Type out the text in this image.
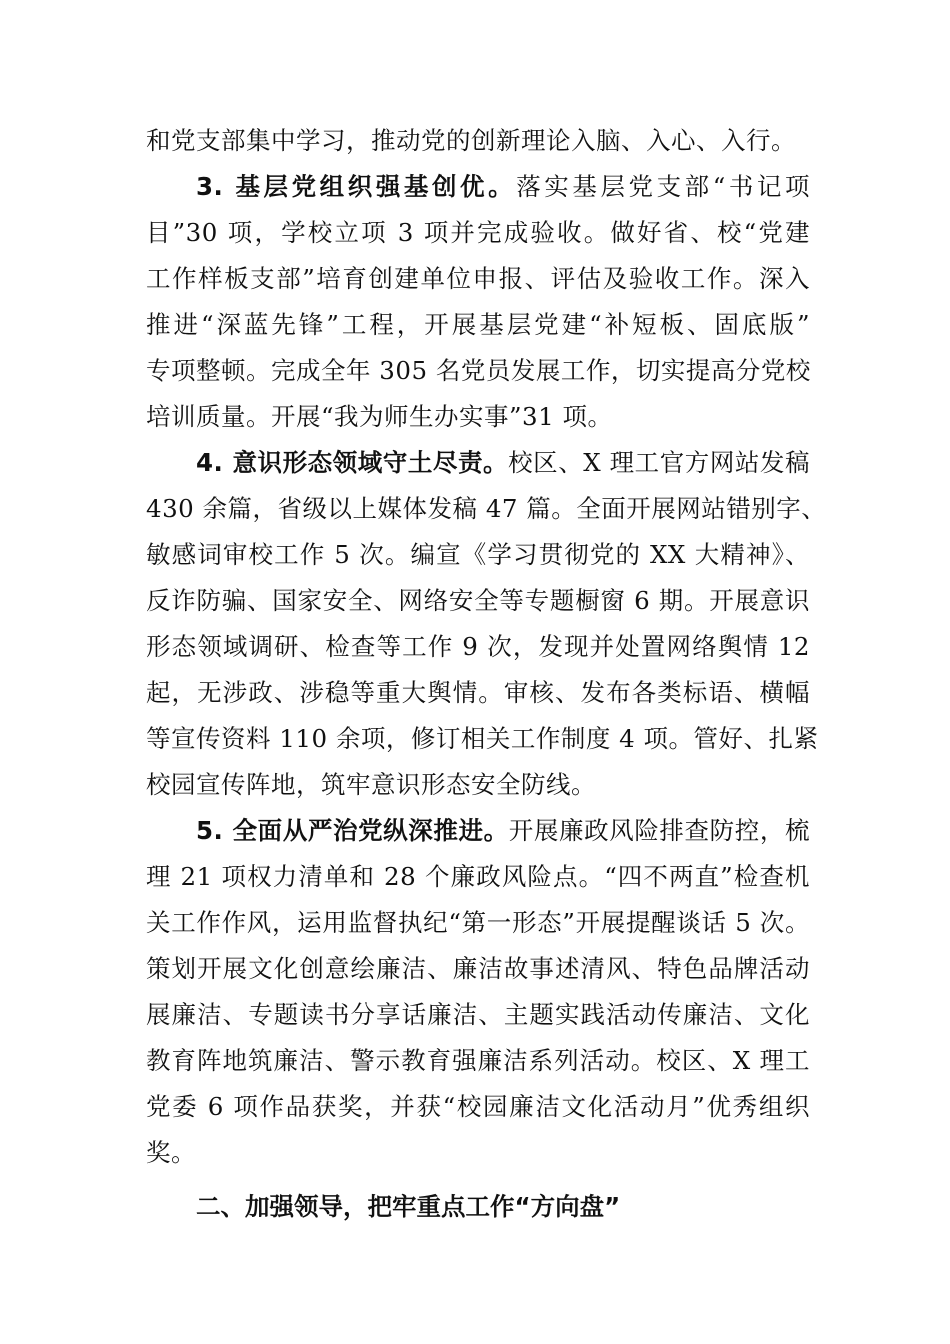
和党支部集中学习，推动党的创新理论入脑、入心、入行。
3. 基层党组织强基创优。落实基层党支部“书记项
目”30 项，学校立项 3 项并完成验收。做好省、校“党建
工作样板支部”培育创建单位申报、评估及验收工作。深入
推进“深蓝先锋”工程，开展基层党建“补短板、固底版”
专项整顿。完成全年 305 名党员发展工作，切实提高分党校
培训质量。开展“我为师生办实事”31 项。
4. 意识形态领域守土尽责。校区、X 理工官方网站发稿
430 余篇，省级以上媒体发稿 47 篇。全面开展网站错别字、
敏感词审校工作 5 次。编宣《学习贯彻党的 XX 大精神》、
反诈防骗、国家安全、网络安全等专题橱窗 6 期。开展意识
形态领域调研、检查等工作 9 次，发现并处置网络舆情 12
起，无涉政、涉稳等重大舆情。审核、发布各类标语、横幅
等宣传资料 110 余项，修订相关工作制度 4 项。管好、扎紧
校园宣传阵地，筑牢意识形态安全防线。
5. 全面从严治党纵深推进。开展廉政风险排查防控，梳
理 21 项权力清单和 28 个廉政风险点。“四不两直”检查机
关工作作风，运用监督执纪“第一形态”开展提醒谈话 5 次。
策划开展文化创意绘廉洁、廉洁故事述清风、特色品牌活动
展廉洁、专题读书分享话廉洁、主题实践活动传廉洁、文化
教育阵地筑廉洁、警示教育强廉洁系列活动。校区、X 理工
党委 6 项作品获奖，并获“校园廉洁文化活动月”优秀组织
奖。
二、加强领导，把牢重点工作“方向盘”
